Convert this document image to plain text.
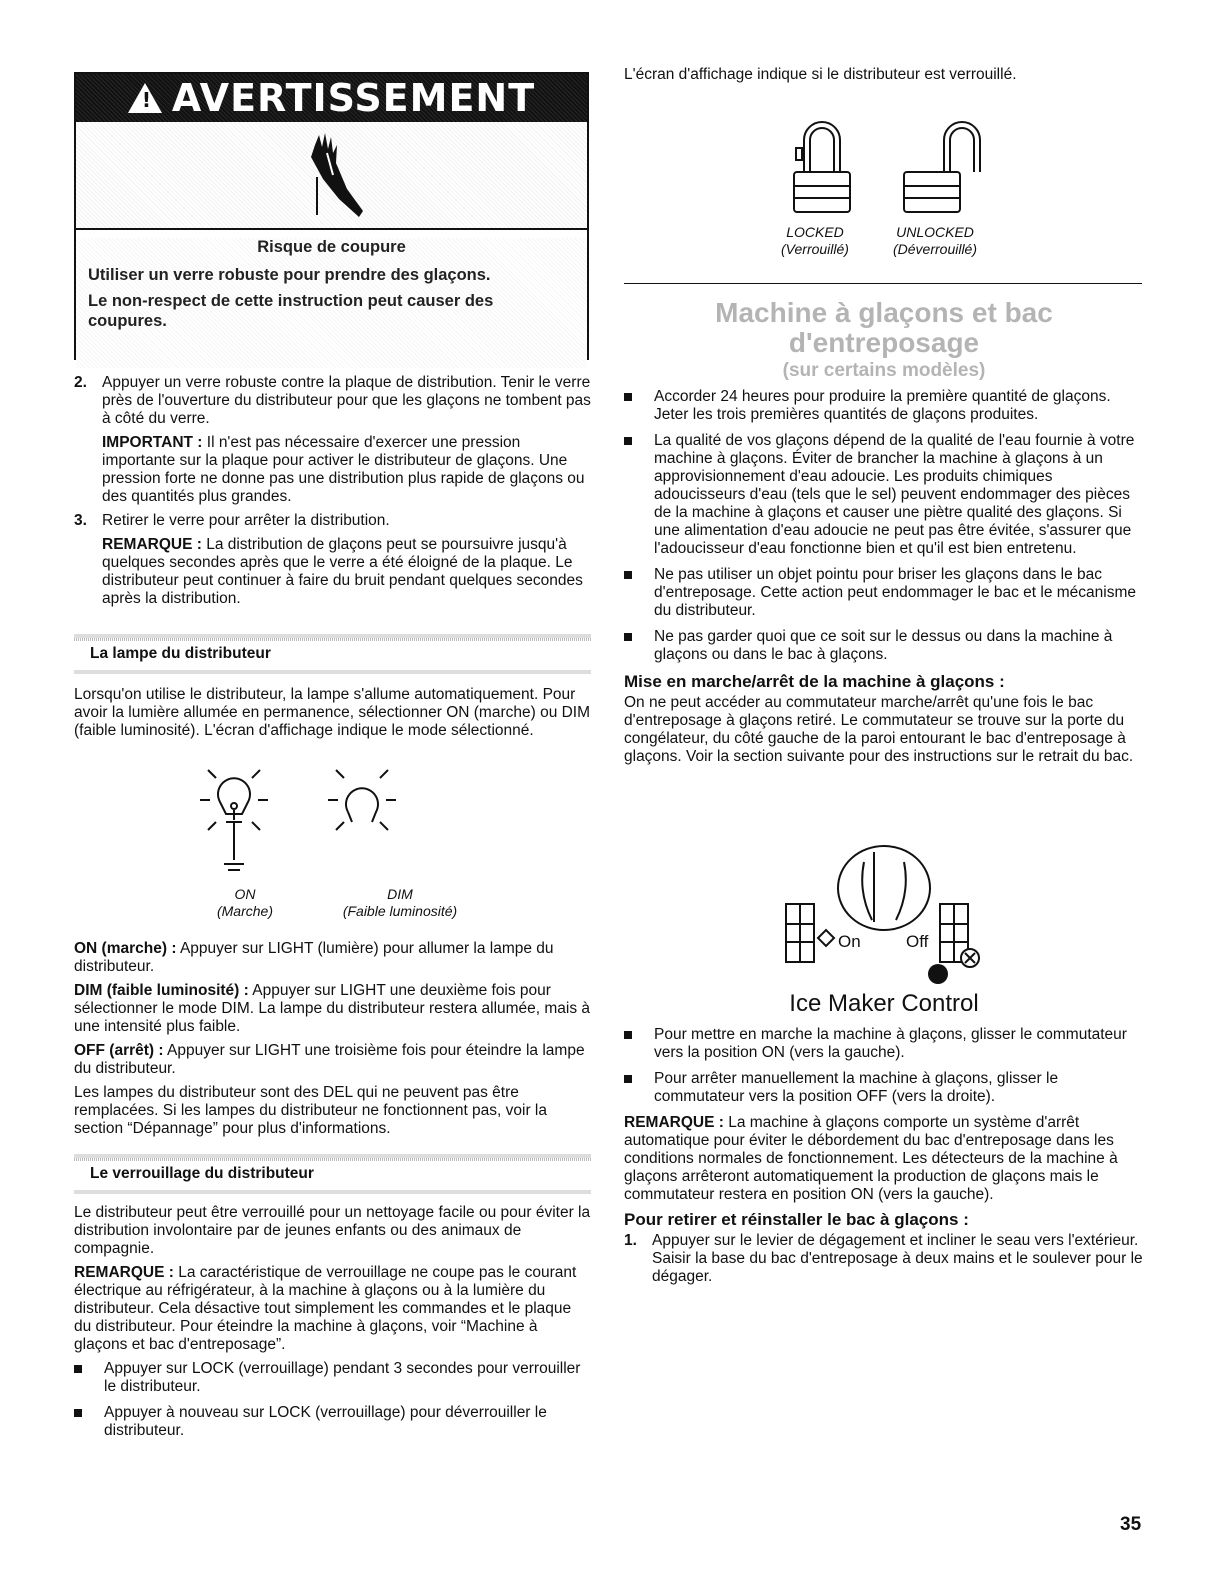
! AVERTISSEMENT
Risque de coupure

Utiliser un verre robuste pour prendre des glaçons.

Le non-respect de cette instruction peut causer des coupures.

2. Appuyer un verre robuste contre la plaque de distribution. Tenir le verre près de l'ouverture du distributeur pour que les glaçons ne tombent pas à côté du verre.

IMPORTANT : Il n'est pas nécessaire d'exercer une pression importante sur la plaque pour activer le distributeur de glaçons. Une pression forte ne donne pas une distribution plus rapide de glaçons ou des quantités plus grandes.

3. Retirer le verre pour arrêter la distribution.

REMARQUE : La distribution de glaçons peut se poursuivre jusqu'à quelques secondes après que le verre a été éloigné de la plaque. Le distributeur peut continuer à faire du bruit pendant quelques secondes après la distribution.

La lampe du distributeur

Lorsqu'on utilise le distributeur, la lampe s'allume automatiquement. Pour avoir la lumière allumée en permanence, sélectionner ON (marche) ou DIM (faible luminosité). L'écran d'affichage indique le mode sélectionné.

ON
(Marche)
DIM
(Faible luminosité)

ON (marche) : Appuyer sur LIGHT (lumière) pour allumer la lampe du distributeur.

DIM (faible luminosité) : Appuyer sur LIGHT une deuxième fois pour sélectionner le mode DIM. La lampe du distributeur restera allumée, mais à une intensité plus faible.

OFF (arrêt) : Appuyer sur LIGHT une troisième fois pour éteindre la lampe du distributeur.

Les lampes du distributeur sont des DEL qui ne peuvent pas être remplacées. Si les lampes du distributeur ne fonctionnent pas, voir la section “Dépannage” pour plus d'informations.

Le verrouillage du distributeur

Le distributeur peut être verrouillé pour un nettoyage facile ou pour éviter la distribution involontaire par de jeunes enfants ou des animaux de compagnie.

REMARQUE : La caractéristique de verrouillage ne coupe pas le courant électrique au réfrigérateur, à la machine à glaçons ou à la lumière du distributeur. Cela désactive tout simplement les commandes et le plaque du distributeur. Pour éteindre la machine à glaçons, voir “Machine à glaçons et bac d'entreposage”.

Appuyer sur LOCK (verrouillage) pendant 3 secondes pour verrouiller le distributeur.

Appuyer à nouveau sur LOCK (verrouillage) pour déverrouiller le distributeur.

L'écran d'affichage indique si le distributeur est verrouillé.

LOCKED
(Verrouillé)
UNLOCKED
(Déverrouillé)
Machine à glaçons et bac d'entreposage
(sur certains modèles)

Accorder 24 heures pour produire la première quantité de glaçons. Jeter les trois premières quantités de glaçons produites.

La qualité de vos glaçons dépend de la qualité de l'eau fournie à votre machine à glaçons. Éviter de brancher la machine à glaçons à un approvisionnement d'eau adoucie. Les produits chimiques adoucisseurs d'eau (tels que le sel) peuvent endommager des pièces de la machine à glaçons et causer une piètre qualité des glaçons. Si une alimentation d'eau adoucie ne peut pas être évitée, s'assurer que l'adoucisseur d'eau fonctionne bien et qu'il est bien entretenu.

Ne pas utiliser un objet pointu pour briser les glaçons dans le bac d'entreposage. Cette action peut endommager le bac et le mécanisme du distributeur.

Ne pas garder quoi que ce soit sur le dessus ou dans la machine à glaçons ou dans le bac à glaçons.

Mise en marche/arrêt de la machine à glaçons :

On ne peut accéder au commutateur marche/arrêt qu'une fois le bac d'entreposage à glaçons retiré. Le commutateur se trouve sur la porte du congélateur, du côté gauche de la paroi entourant le bac d'entreposage à glaçons. Voir la section suivante pour des instructions sur le retrait du bac.

On	Off
Ice Maker Control

Pour mettre en marche la machine à glaçons, glisser le commutateur vers la position ON (vers la gauche).

Pour arrêter manuellement la machine à glaçons, glisser le commutateur vers la position OFF (vers la droite).

REMARQUE : La machine à glaçons comporte un système d'arrêt automatique pour éviter le débordement du bac d'entreposage dans les conditions normales de fonctionnement. Les détecteurs de la machine à glaçons arrêteront automatiquement la production de glaçons mais le commutateur restera en position ON (vers la gauche).

Pour retirer et réinstaller le bac à glaçons :
1. Appuyer sur le levier de dégagement et incliner le seau vers l'extérieur. Saisir la base du bac d'entreposage à deux mains et le soulever pour le dégager.

35
